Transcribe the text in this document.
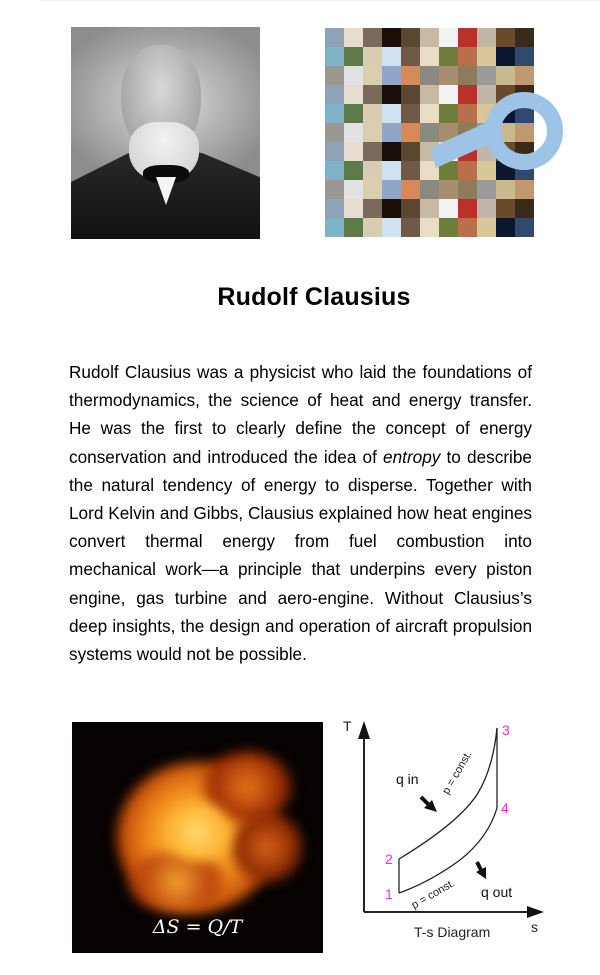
Rudolf Clausius
Rudolf Clausius was a physicist who laid the foundations of thermodynamics, the science of heat and energy transfer. He was the first to clearly define the concept of energy conservation and introduced the idea of entropy to describe the natural tendency of energy to disperse. Together with Lord Kelvin and Gibbs, Clausius explained how heat engines convert thermal energy from fuel combustion into mechanical work—a principle that underpins every piston engine, gas turbine and aero-engine. Without Clausius’s deep insights, the design and operation of aircraft propulsion systems would not be possible.
ΔS = Q/T
T
s
T-s Diagram
p = const.
p = const.
q in
q out
1
2
3
4
